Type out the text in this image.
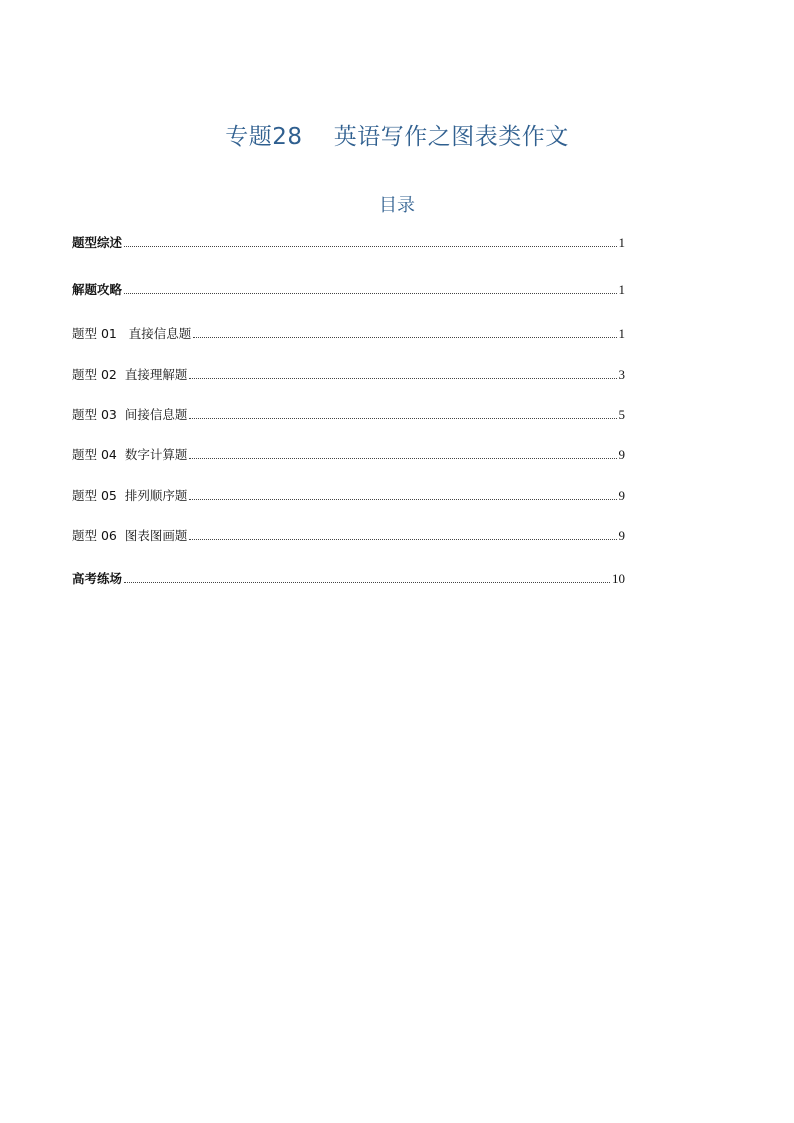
专题28    英语写作之图表类作文
目录
题型综述	1
解题攻略	1
题型 01   直接信息题	1
题型 02  直接理解题	3
题型 03  间接信息题	5
题型 04  数字计算题	9
题型 05  排列顺序题	9
题型 06  图表图画题	9
高考练场	10
